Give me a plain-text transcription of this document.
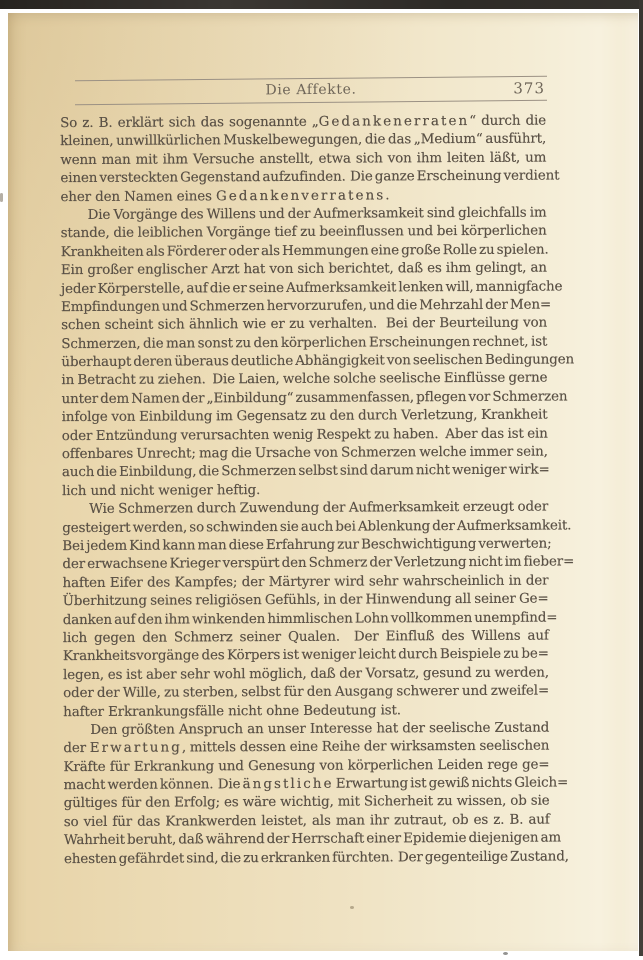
Die Affekte.	373
So z. B. erklärt sich das sogenannte „Gedankenerraten“ durch die
kleinen, unwillkürlichen Muskelbewegungen, die das „Medium“ ausführt,
wenn man mit ihm Versuche anstellt, etwa sich von ihm leiten läßt, um
einen versteckten Gegenstand aufzufinden.  Die ganze Erscheinung verdient
eher den Namen eines Gedankenverratens.
Die Vorgänge des Willens und der Aufmerksamkeit sind gleichfalls im
stande, die leiblichen Vorgänge tief zu beeinflussen und bei körperlichen
Krankheiten als Förderer oder als Hemmungen eine große Rolle zu spielen.
Ein großer englischer Arzt hat von sich berichtet, daß es ihm gelingt, an
jeder Körperstelle, auf die er seine Aufmerksamkeit lenken will, mannigfache
Empfindungen und Schmerzen hervorzurufen, und die Mehrzahl der Men=
schen scheint sich ähnlich wie er zu verhalten.  Bei der Beurteilung von
Schmerzen, die man sonst zu den körperlichen Erscheinungen rechnet, ist
überhaupt deren überaus deutliche Abhängigkeit von seelischen Bedingungen
in Betracht zu ziehen.  Die Laien, welche solche seelische Einflüsse gerne
unter dem Namen der „Einbildung“ zusammenfassen, pflegen vor Schmerzen
infolge von Einbildung im Gegensatz zu den durch Verletzung, Krankheit
oder Entzündung verursachten wenig Respekt zu haben.  Aber das ist ein
offenbares Unrecht; mag die Ursache von Schmerzen welche immer sein,
auch die Einbildung, die Schmerzen selbst sind darum nicht weniger wirk=
lich und nicht weniger heftig.
Wie Schmerzen durch Zuwendung der Aufmerksamkeit erzeugt oder
gesteigert werden, so schwinden sie auch bei Ablenkung der Aufmerksamkeit.
Bei jedem Kind kann man diese Erfahrung zur Beschwichtigung verwerten;
der erwachsene Krieger verspürt den Schmerz der Verletzung nicht im fieber=
haften Eifer des Kampfes; der Märtyrer wird sehr wahrscheinlich in der
Überhitzung seines religiösen Gefühls, in der Hinwendung all seiner Ge=
danken auf den ihm winkenden himmlischen Lohn vollkommen unempfind=
lich gegen den Schmerz seiner Qualen.  Der Einfluß des Willens auf
Krankheitsvorgänge des Körpers ist weniger leicht durch Beispiele zu be=
legen, es ist aber sehr wohl möglich, daß der Vorsatz, gesund zu werden,
oder der Wille, zu sterben, selbst für den Ausgang schwerer und zweifel=
hafter Erkrankungsfälle nicht ohne Bedeutung ist.
Den größten Anspruch an unser Interesse hat der seelische Zustand
der Erwartung, mittels dessen eine Reihe der wirksamsten seelischen
Kräfte für Erkrankung und Genesung von körperlichen Leiden rege ge=
macht werden können.  Die ängstliche Erwartung ist gewiß nichts Gleich=
gültiges für den Erfolg; es wäre wichtig, mit Sicherheit zu wissen, ob sie
so viel für das Krankwerden leistet, als man ihr zutraut, ob es z. B. auf
Wahrheit beruht, daß während der Herrschaft einer Epidemie diejenigen am
ehesten gefährdet sind, die zu erkranken fürchten.  Der gegenteilige Zustand,
